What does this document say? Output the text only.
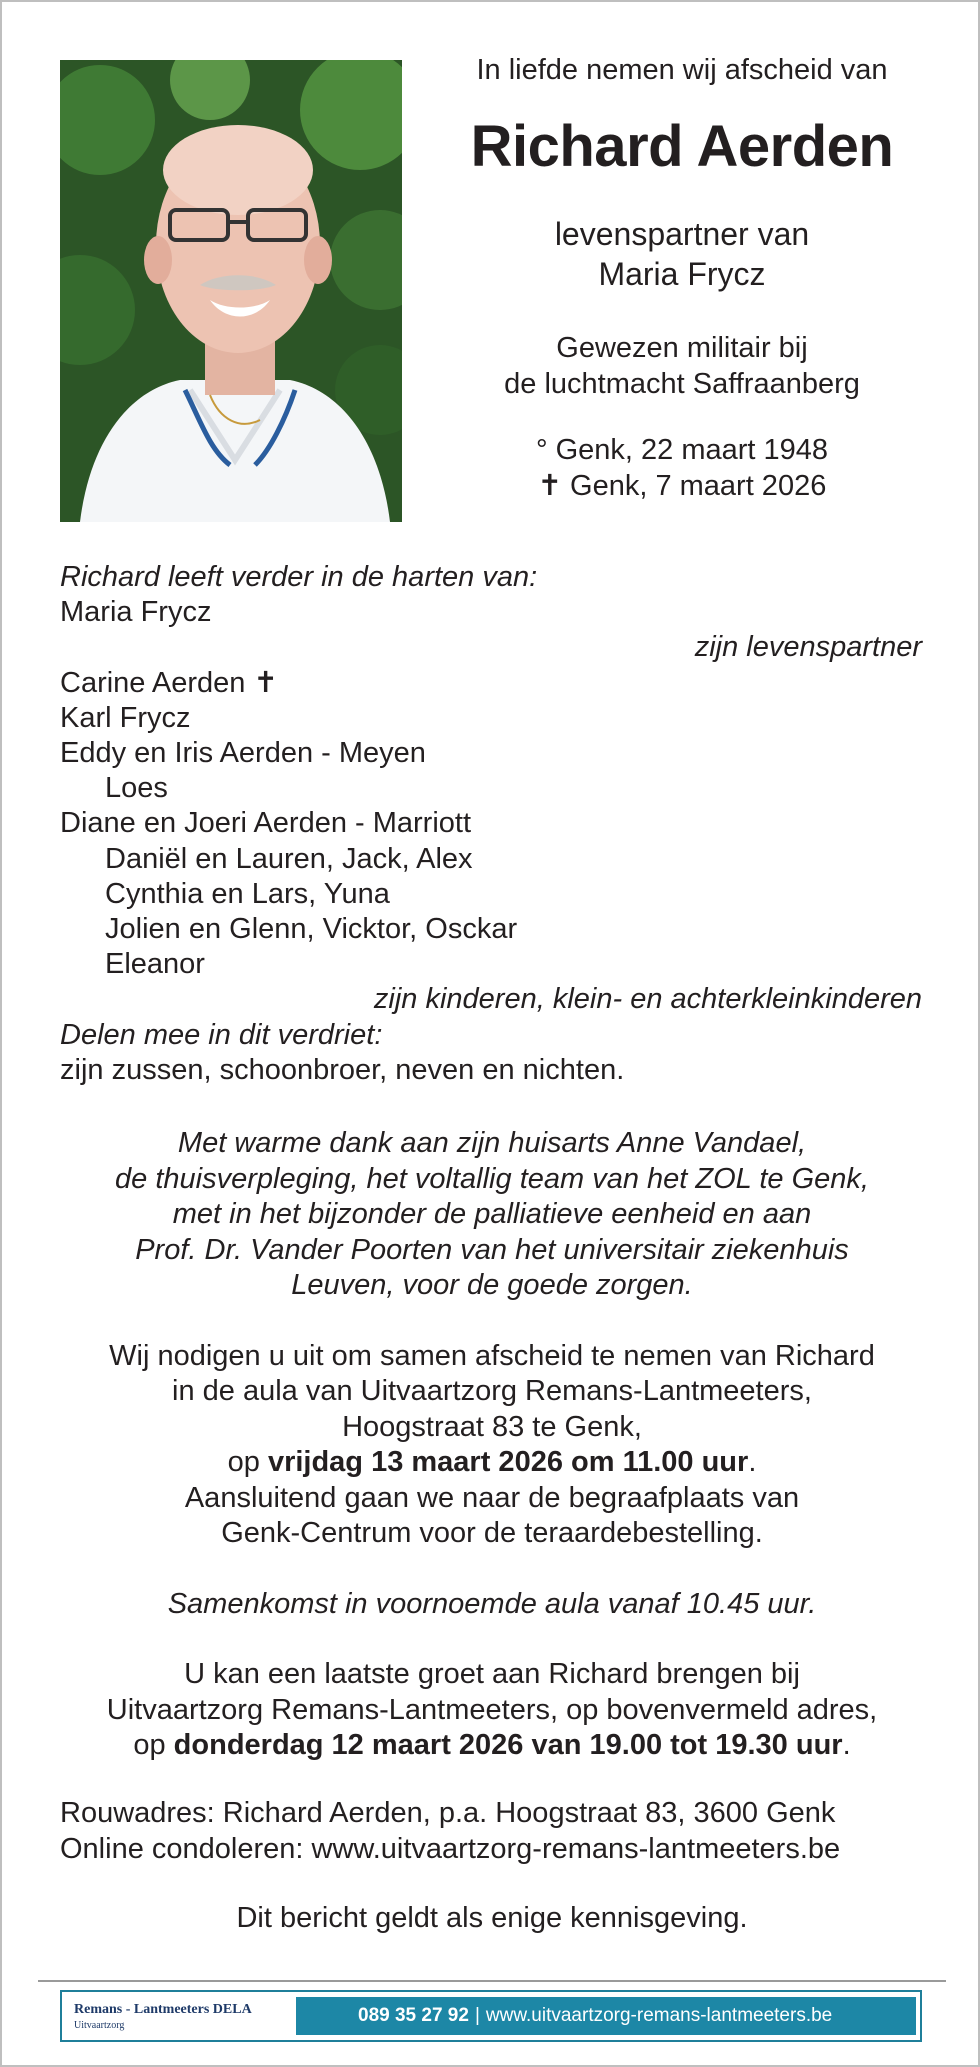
In liefde nemen wij afscheid van

Richard Aerden

levenspartner van
Maria Frycz
Gewezen militair bij
de luchtmacht Saffraanberg
° Genk, 22 maart 1948
✝ Genk, 7 maart 2026
Richard leeft verder in de harten van:
Maria Frycz
zijn levenspartner
Carine Aerden ✝
Karl Frycz
Eddy en Iris Aerden - Meyen
Loes
Diane en Joeri Aerden - Marriott
Daniël en Lauren, Jack, Alex
Cynthia en Lars, Yuna
Jolien en Glenn, Vicktor, Osckar
Eleanor
zijn kinderen, klein- en achterkleinkinderen
Delen mee in dit verdriet:
zijn zussen, schoonbroer, neven en nichten.

Met warme dank aan zijn huisarts Anne Vandael,

de thuisverpleging, het voltallig team van het ZOL te Genk,

met in het bijzonder de palliatieve eenheid en aan

Prof. Dr. Vander Poorten van het universitair ziekenhuis

Leuven, voor de goede zorgen.

Wij nodigen u uit om samen afscheid te nemen van Richard

in de aula van Uitvaartzorg Remans-Lantmeeters,

Hoogstraat 83 te Genk,

op vrijdag 13 maart 2026 om 11.00 uur.

Aansluitend gaan we naar de begraafplaats van

Genk-Centrum voor de teraardebestelling.

Samenkomst in voornoemde aula vanaf 10.45 uur.

U kan een laatste groet aan Richard brengen bij

Uitvaartzorg Remans-Lantmeeters, op bovenvermeld adres,

op donderdag 12 maart 2026 van 19.00 tot 19.30 uur.

Rouwadres: Richard Aerden, p.a. Hoogstraat 83, 3600 Genk
Online condoleren: www.uitvaartzorg-remans-lantmeeters.be
Dit bericht geldt als enige kennisgeving.
Remans - Lantmeeters DELA
Uitvaartzorg	089 35 27 92 | www.uitvaartzorg-remans-lantmeeters.be
